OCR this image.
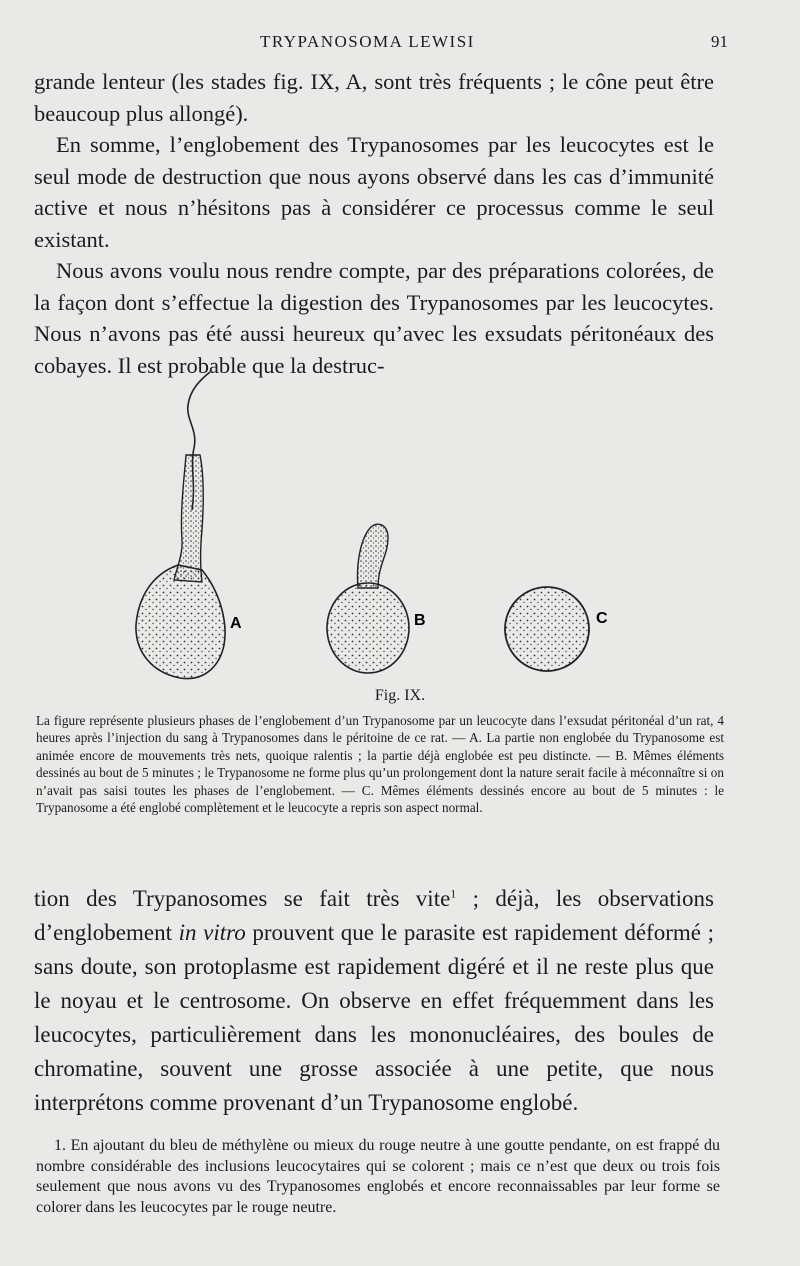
TRYPANOSOMA LEWISI	91

grande lenteur (les stades fig. IX, A, sont très fréquents ; le cône peut être beaucoup plus allongé).

En somme, l’englobement des Trypanosomes par les leucocytes est le seul mode de destruction que nous ayons observé dans les cas d’immunité active et nous n’hésitons pas à considérer ce processus comme le seul existant.

Nous avons voulu nous rendre compte, par des préparations colorées, de la façon dont s’effectue la digestion des Trypanosomes par les leucocytes. Nous n’avons pas été aussi heureux qu’avec les exsudats péritonéaux des cobayes. Il est probable que la destruc-

A	B	C
Fig. IX.

La figure représente plusieurs phases de l’englobement d’un Trypanosome par un leucocyte dans l’exsudat péritonéal d’un rat, 4 heures après l’injection du sang à Trypanosomes dans le péritoine de ce rat. — A. La partie non englobée du Trypanosome est animée encore de mouvements très nets, quoique ralentis ; la partie déjà englobée est peu distincte. — B. Mêmes éléments dessinés au bout de 5 minutes ; le Trypanosome ne forme plus qu’un prolongement dont la nature serait facile à méconnaître si on n’avait pas saisi toutes les phases de l’englobement. — C. Mêmes éléments dessinés encore au bout de 5 minutes : le Trypanosome a été englobé complètement et le leucocyte a repris son aspect normal.

tion des Trypanosomes se fait très vite$^1$ ; déjà, les observations d’englobement in vitro prouvent que le parasite est rapidement déformé ; sans doute, son protoplasme est rapidement digéré et il ne reste plus que le noyau et le centrosome. On observe en effet fréquemment dans les leucocytes, particulièrement dans les mononucléaires, des boules de chromatine, souvent une grosse associée à une petite, que nous interprétons comme provenant d’un Trypanosome englobé.

1. En ajoutant du bleu de méthylène ou mieux du rouge neutre à une goutte pendante, on est frappé du nombre considérable des inclusions leucocytaires qui se colorent ; mais ce n’est que deux ou trois fois seulement que nous avons vu des Trypanosomes englobés et encore reconnaissables par leur forme se colorer dans les leucocytes par le rouge neutre.
